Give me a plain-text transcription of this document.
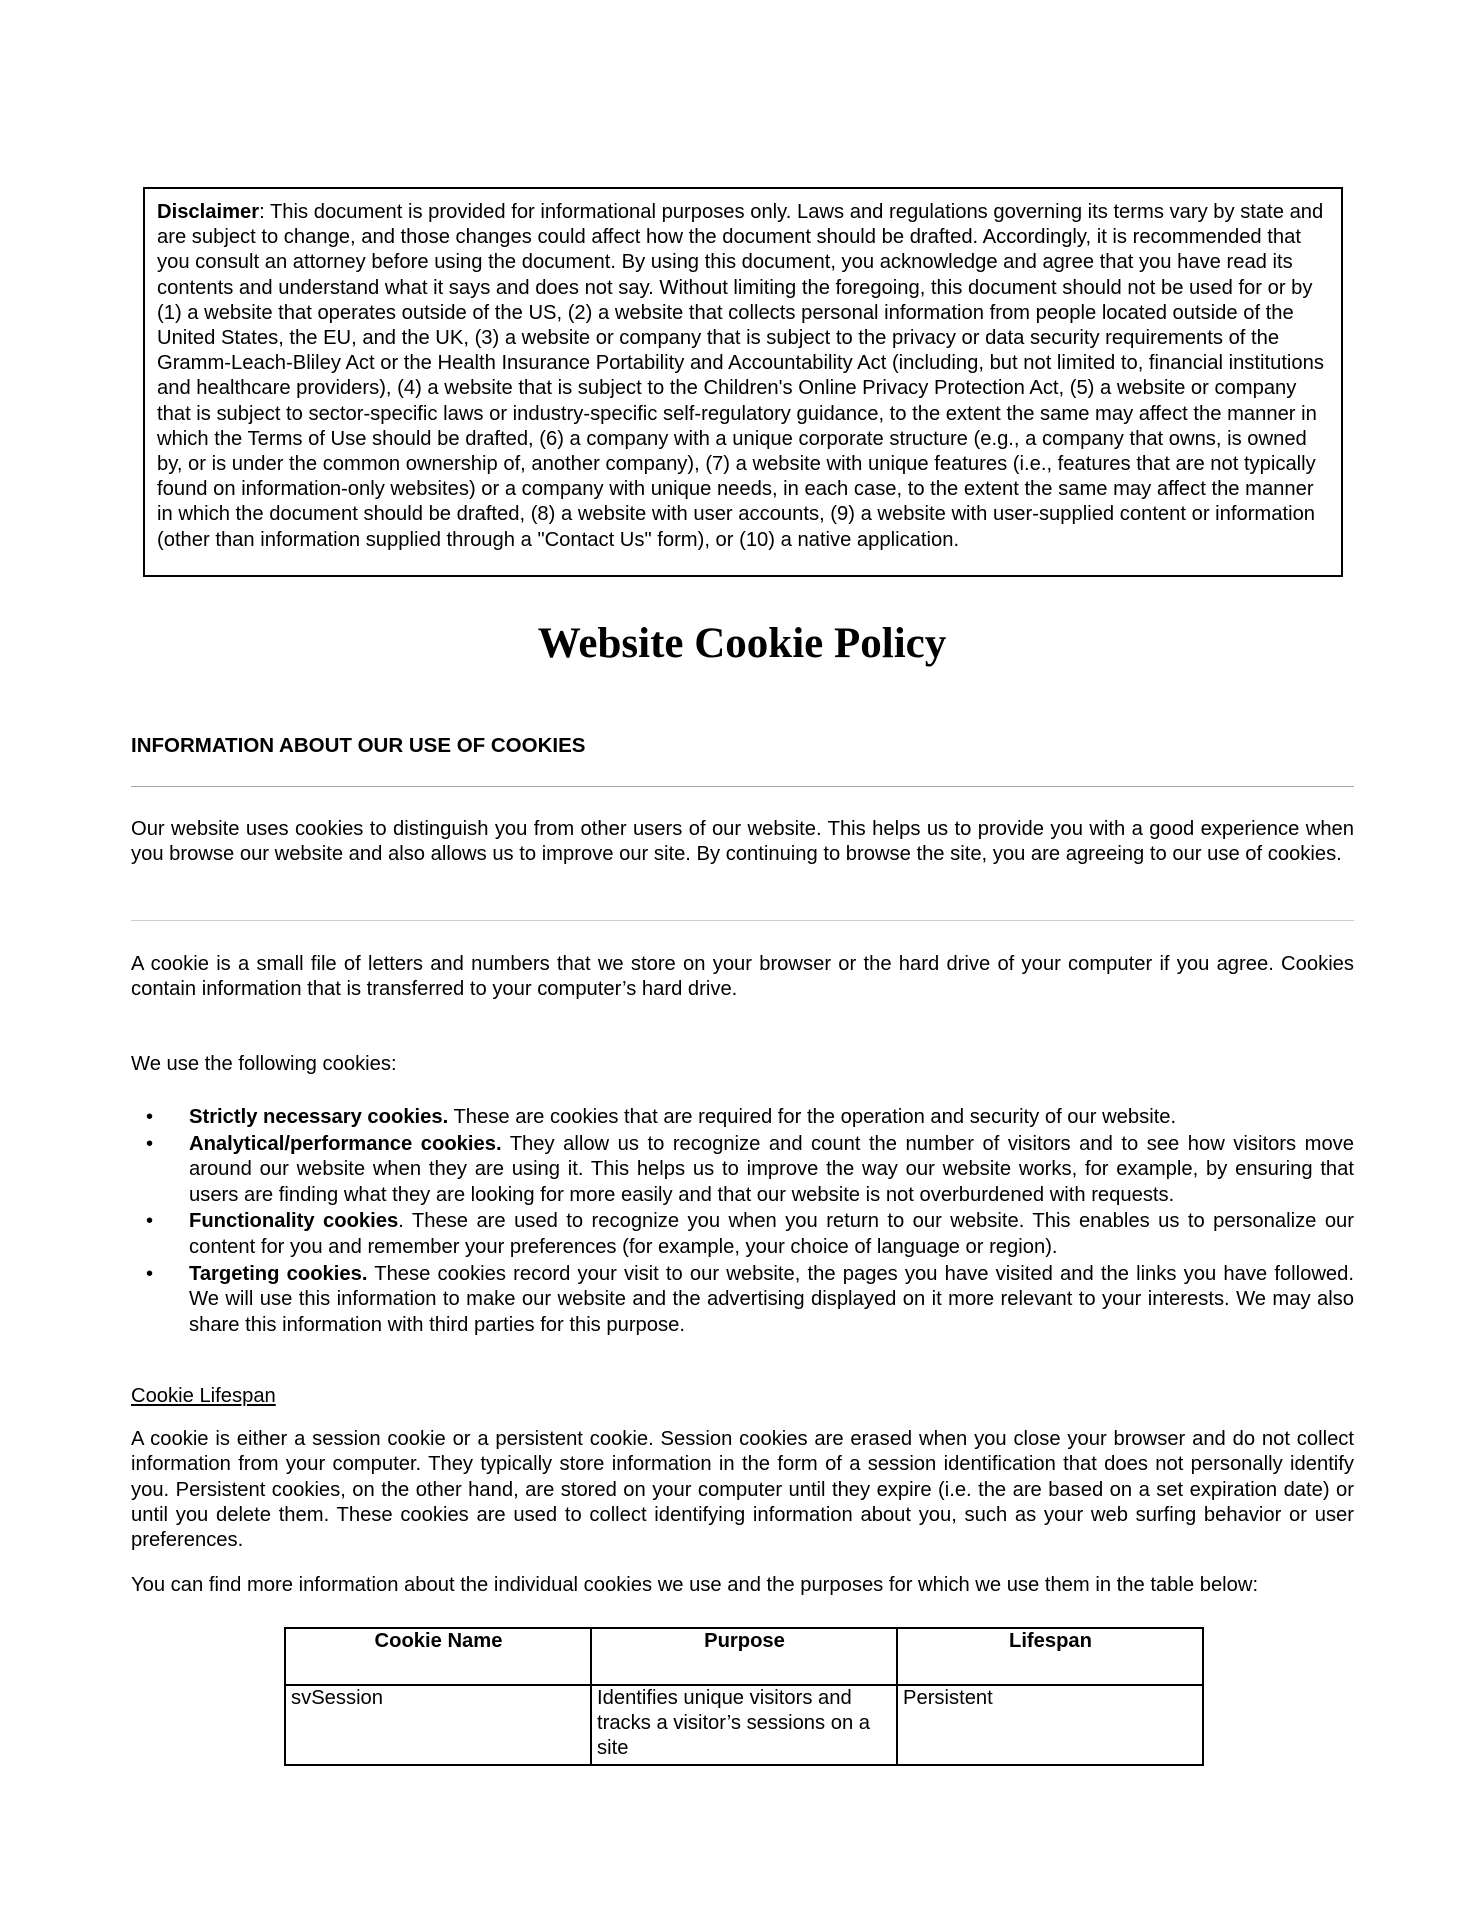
Disclaimer: This document is provided for informational purposes only. Laws and regulations governing its terms vary by state and are subject to change, and those changes could affect how the document should be drafted. Accordingly, it is recommended that you consult an attorney before using the document. By using this document, you acknowledge and agree that you have read its contents and understand what it says and does not say. Without limiting the foregoing, this document should not be used for or by (1) a website that operates outside of the US, (2) a website that collects personal information from people located outside of the United States, the EU, and the UK, (3) a website or company that is subject to the privacy or data security requirements of the Gramm-Leach-Bliley Act or the Health Insurance Portability and Accountability Act (including, but not limited to, financial institutions and healthcare providers), (4) a website that is subject to the Children's Online Privacy Protection Act, (5) a website or company that is subject to sector-specific laws or industry-specific self-regulatory guidance, to the extent the same may affect the manner in which the Terms of Use should be drafted, (6) a company with a unique corporate structure (e.g., a company that owns, is owned by, or is under the common ownership of, another company), (7) a website with unique features (i.e., features that are not typically found on information-only websites) or a company with unique needs, in each case, to the extent the same may affect the manner in which the document should be drafted, (8) a website with user accounts, (9) a website with user-supplied content or information (other than information supplied through a "Contact Us" form), or (10) a native application.
Website Cookie Policy
INFORMATION ABOUT OUR USE OF COOKIES
Our website uses cookies to distinguish you from other users of our website. This helps us to provide you with a good experience when you browse our website and also allows us to improve our site. By continuing to browse the site, you are agreeing to our use of cookies.
A cookie is a small file of letters and numbers that we store on your browser or the hard drive of your computer if you agree. Cookies contain information that is transferred to your computer’s hard drive.
We use the following cookies:
• Strictly necessary cookies. These are cookies that are required for the operation and security of our website.
• Analytical/performance cookies. They allow us to recognize and count the number of visitors and to see how visitors move around our website when they are using it. This helps us to improve the way our website works, for example, by ensuring that users are finding what they are looking for more easily and that our website is not overburdened with requests.
• Functionality cookies. These are used to recognize you when you return to our website. This enables us to personalize our content for you and remember your preferences (for example, your choice of language or region).
• Targeting cookies. These cookies record your visit to our website, the pages you have visited and the links you have followed. We will use this information to make our website and the advertising displayed on it more relevant to your interests. We may also share this information with third parties for this purpose.
Cookie Lifespan
A cookie is either a session cookie or a persistent cookie. Session cookies are erased when you close your browser and do not collect information from your computer. They typically store information in the form of a session identification that does not personally identify you. Persistent cookies, on the other hand, are stored on your computer until they expire (i.e. the are based on a set expiration date) or until you delete them. These cookies are used to collect identifying information about you, such as your web surfing behavior or user preferences.
You can find more information about the individual cookies we use and the purposes for which we use them in the table below:
Cookie Name	Purpose	Lifespan
svSession	Identifies unique visitors and tracks a visitor’s sessions on a site	Persistent
